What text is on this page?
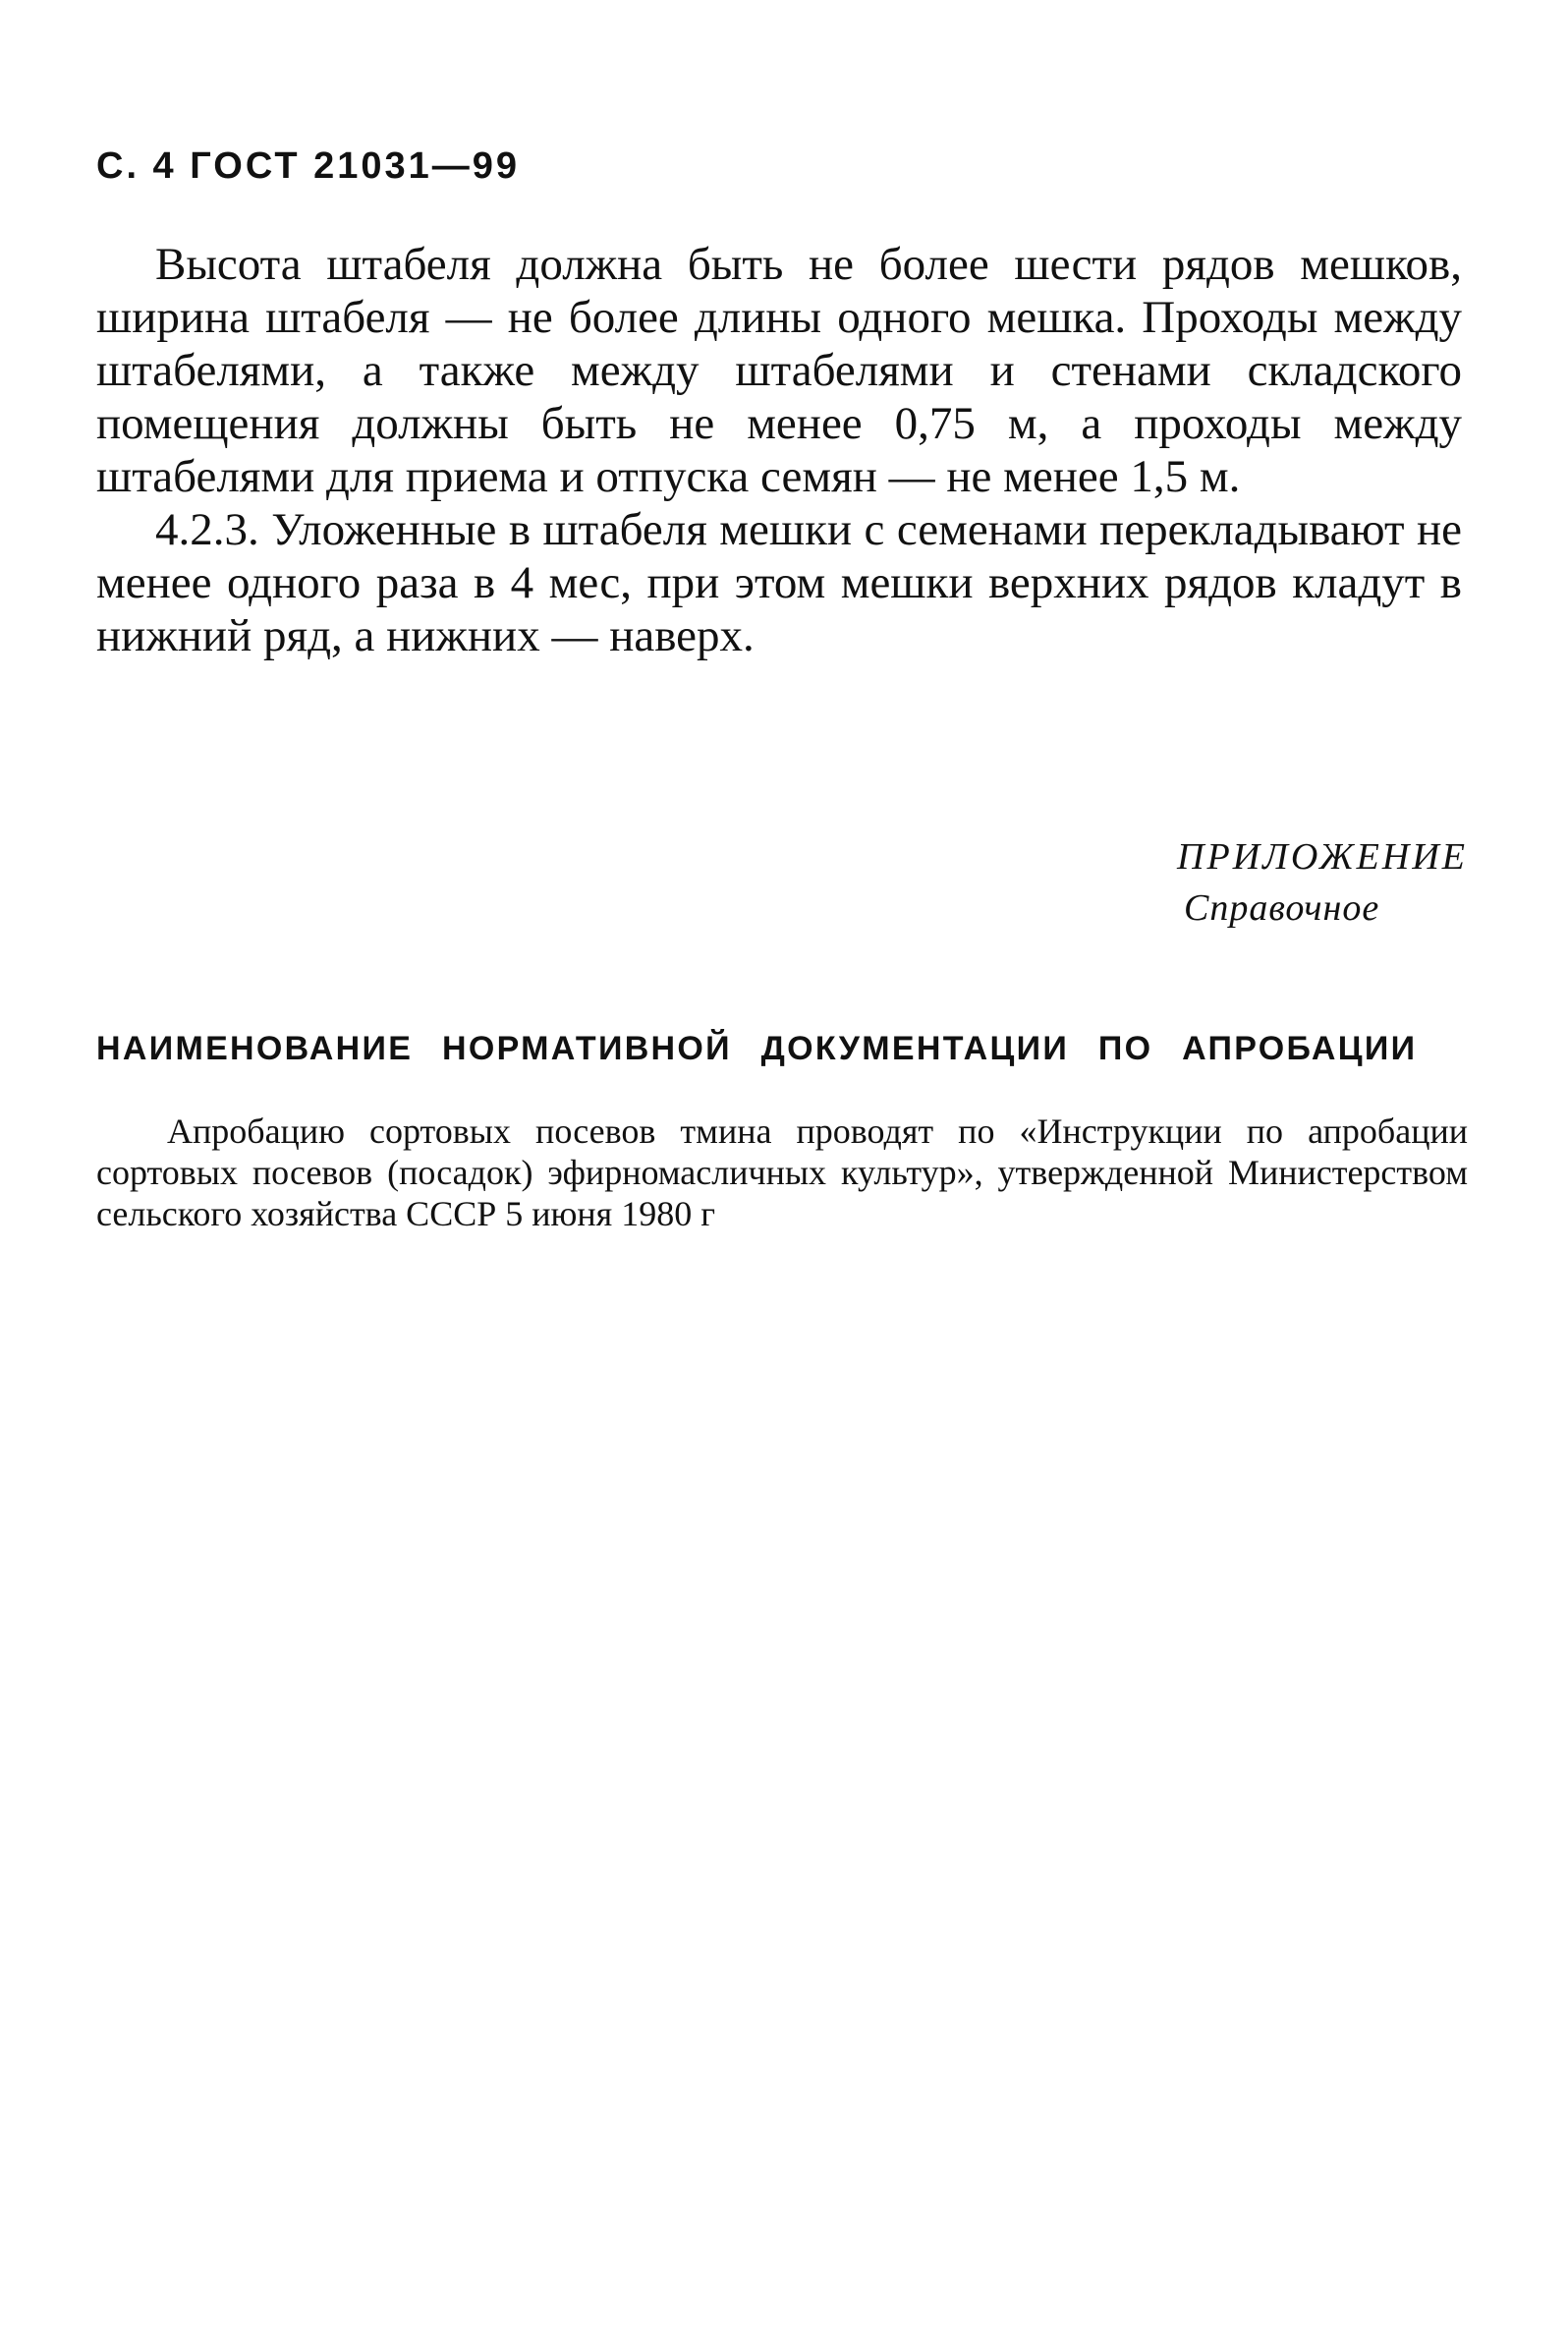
С. 4 ГОСТ 21031—99

Высота штабеля должна быть не более шести рядов мешков, ширина штабеля — не более длины одного мешка. Проходы между штабелями, а также между штабелями и стенами складского помещения должны быть не менее 0,75 м, а проходы между штабелями для приема и отпуска семян — не менее 1,5 м.

4.2.3. Уложенные в штабеля мешки с семенами перекладывают не менее одного раза в 4 мес, при этом мешки верхних рядов кладут в нижний ряд, а нижних — наверх.

ПРИЛОЖЕНИЕ
Справочное
НАИМЕНОВАНИЕ НОРМАТИВНОЙ ДОКУМЕНТАЦИИ ПО АПРОБАЦИИ

Апробацию сортовых посевов тмина проводят по «Инструкции по апробации сортовых посевов (посадок) эфирномасличных культур», утвержденной Министерством сельского хозяйства СССР 5 июня 1980 г
